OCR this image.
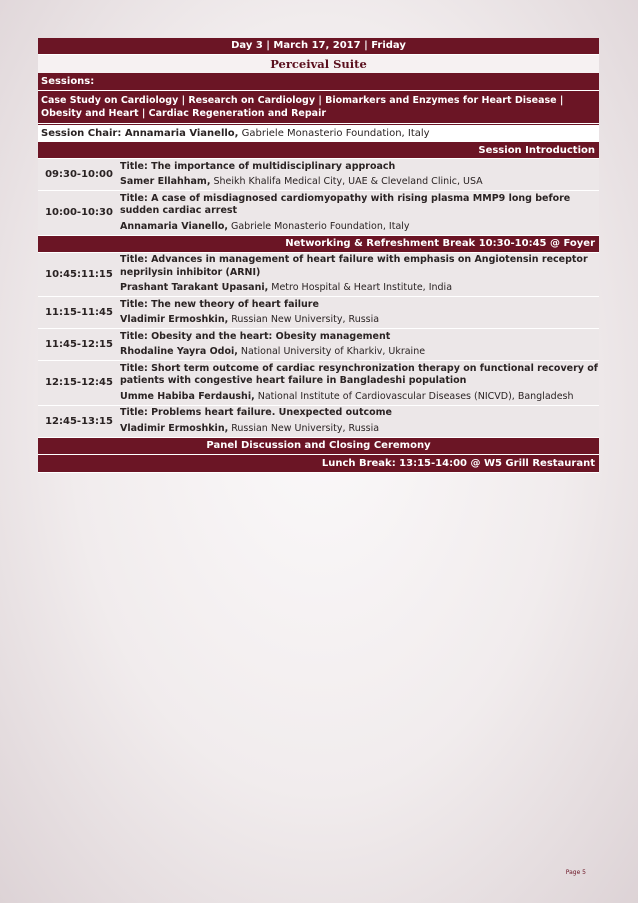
Day 3 | March 17, 2017 | Friday
Perceival Suite
Sessions:
Case Study on Cardiology | Research on Cardiology | Biomarkers and Enzymes for Heart Disease | Obesity and Heart | Cardiac Regeneration and Repair
Session Chair: Annamaria Vianello, Gabriele Monasterio Foundation, Italy
Session Introduction
09:30-10:00
Title: The importance of multidisciplinary approach
Samer Ellahham, Sheikh Khalifa Medical City, UAE & Cleveland Clinic, USA
10:00-10:30
Title: A case of misdiagnosed cardiomyopathy with rising plasma MMP9 long before sudden cardiac arrest
Annamaria Vianello, Gabriele Monasterio Foundation, Italy
Networking & Refreshment Break 10:30-10:45 @ Foyer
10:45:11:15
Title: Advances in management of heart failure with emphasis on Angiotensin receptor neprilysin inhibitor (ARNI)
Prashant Tarakant Upasani, Metro Hospital & Heart Institute, India
11:15-11:45
Title: The new theory of heart failure
Vladimir Ermoshkin, Russian New University, Russia
11:45-12:15
Title: Obesity and the heart: Obesity management
Rhodaline Yayra Odoi, National University of Kharkiv, Ukraine
12:15-12:45
Title: Short term outcome of cardiac resynchronization therapy on functional recovery of patients with congestive heart failure in Bangladeshi population
Umme Habiba Ferdaushi, National Institute of Cardiovascular Diseases (NICVD), Bangladesh
12:45-13:15
Title: Problems heart failure. Unexpected outcome
Vladimir Ermoshkin, Russian New University, Russia
Panel Discussion and Closing Ceremony
Lunch Break: 13:15-14:00 @ W5 Grill Restaurant
Page 5
